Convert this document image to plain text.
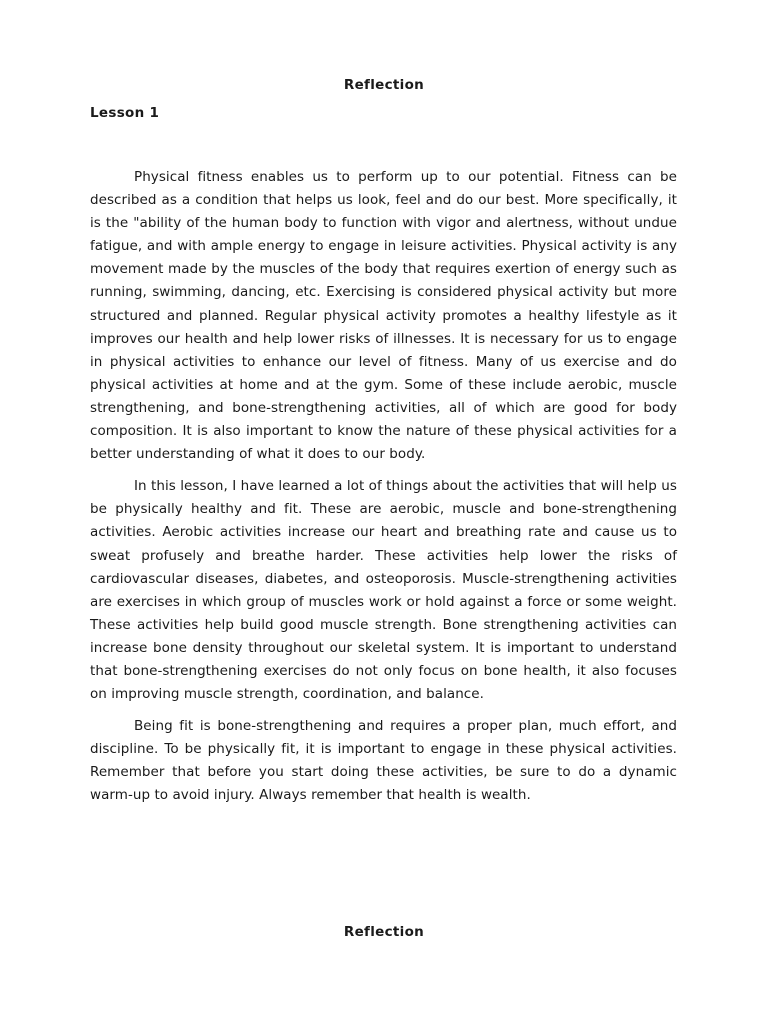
Reflection
Lesson 1

Physical fitness enables us to perform up to our potential. Fitness can be described as a condition that helps us look, feel and do our best. More specifically, it is the "ability of the human body to function with vigor and alertness, without undue fatigue, and with ample energy to engage in leisure activities. Physical activity is any movement made by the muscles of the body that requires exertion of energy such as running, swimming, dancing, etc. Exercising is considered physical activity but more structured and planned. Regular physical activity promotes a healthy lifestyle as it improves our health and help lower risks of illnesses. It is necessary for us to engage in physical activities to enhance our level of fitness. Many of us exercise and do physical activities at home and at the gym. Some of these include aerobic, muscle strengthening, and bone-strengthening activities, all of which are good for body composition. It is also important to know the nature of these physical activities for a better understanding of what it does to our body.

In this lesson, I have learned a lot of things about the activities that will help us be physically healthy and fit. These are aerobic, muscle and bone-strengthening activities. Aerobic activities increase our heart and breathing rate and cause us to sweat profusely and breathe harder. These activities help lower the risks of cardiovascular diseases, diabetes, and osteoporosis. Muscle-strengthening activities are exercises in which group of muscles work or hold against a force or some weight. These activities help build good muscle strength. Bone strengthening activities can increase bone density throughout our skeletal system. It is important to understand that bone-strengthening exercises do not only focus on bone health, it also focuses on improving muscle strength, coordination, and balance.

Being fit is bone-strengthening and requires a proper plan, much effort, and discipline. To be physically fit, it is important to engage in these physical activities. Remember that before you start doing these activities, be sure to do a dynamic warm-up to avoid injury. Always remember that health is wealth.

Reflection
